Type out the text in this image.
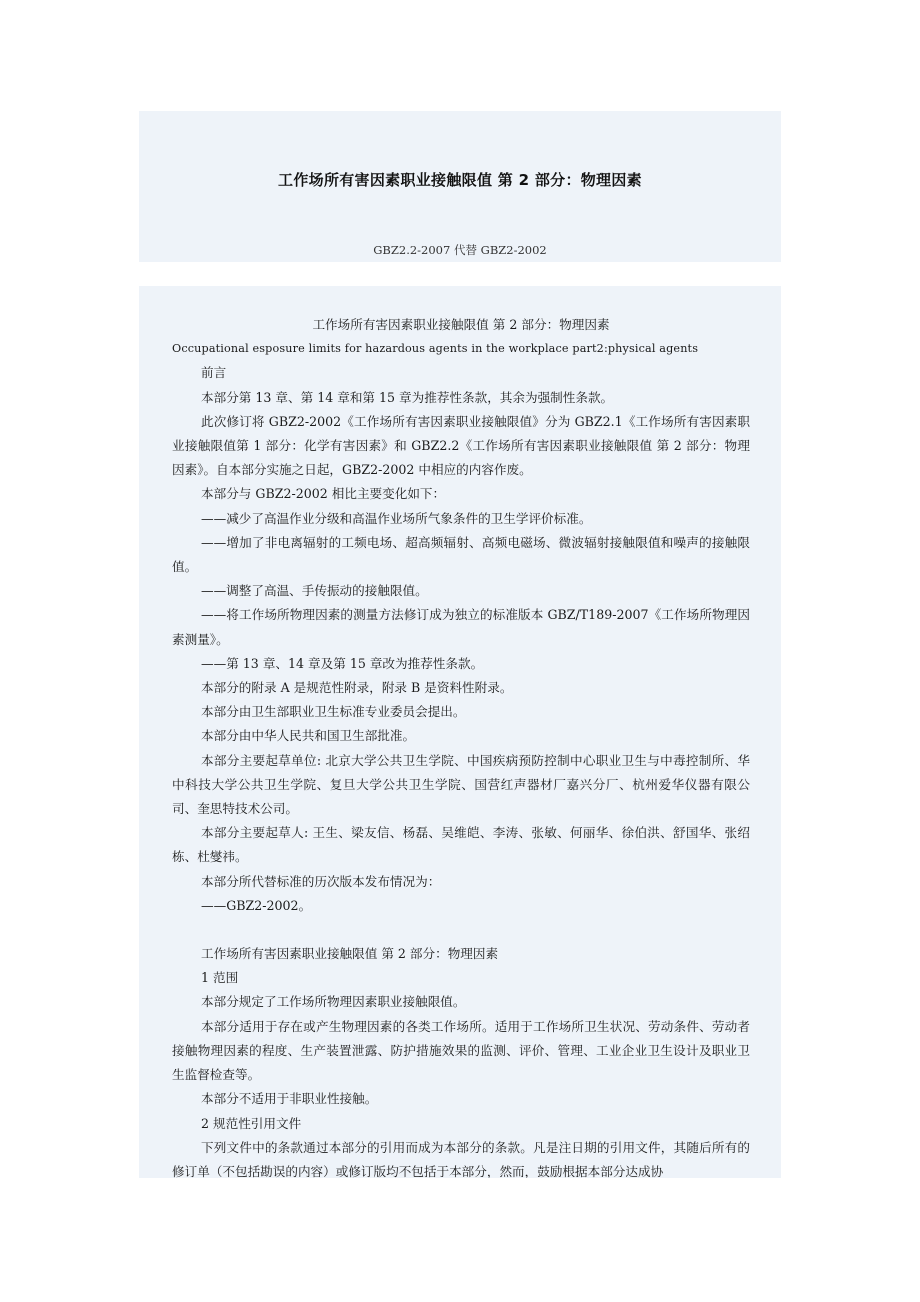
工作场所有害因素职业接触限值 第 2 部分：物理因素
GBZ2.2-2007 代替 GBZ2-2002

工作场所有害因素职业接触限值 第 2 部分：物理因素

Occupational esposure limits for hazardous agents in the workplace part2:physical agents

前言

本部分第 13 章、第 14 章和第 15 章为推荐性条款，其余为强制性条款。

此次修订将 GBZ2-2002《工作场所有害因素职业接触限值》分为 GBZ2.1《工作场所有害因素职业接触限值第 1 部分：化学有害因素》和 GBZ2.2《工作场所有害因素职业接触限值 第 2 部分：物理因素》。自本部分实施之日起，GBZ2-2002 中相应的内容作废。

本部分与 GBZ2-2002 相比主要变化如下：

——减少了高温作业分级和高温作业场所气象条件的卫生学评价标准。

——增加了非电离辐射的工频电场、超高频辐射、高频电磁场、微波辐射接触限值和噪声的接触限值。

——调整了高温、手传振动的接触限值。

——将工作场所物理因素的测量方法修订成为独立的标准版本 GBZ/T189-2007《工作场所物理因素测量》。

——第 13 章、14 章及第 15 章改为推荐性条款。

本部分的附录 A 是规范性附录，附录 B 是资料性附录。

本部分由卫生部职业卫生标准专业委员会提出。

本部分由中华人民共和国卫生部批准。

本部分主要起草单位: 北京大学公共卫生学院、中国疾病预防控制中心职业卫生与中毒控制所、华中科技大学公共卫生学院、复旦大学公共卫生学院、国营红声器材厂嘉兴分厂、杭州爱华仪器有限公司、奎思特技术公司。

本部分主要起草人: 王生、梁友信、杨磊、吴维皑、李涛、张敏、何丽华、徐伯洪、舒国华、张绍栋、杜燮祎。

本部分所代替标准的历次版本发布情况为：

——GBZ2-2002。

工作场所有害因素职业接触限值 第 2 部分：物理因素

1 范围

本部分规定了工作场所物理因素职业接触限值。

本部分适用于存在或产生物理因素的各类工作场所。适用于工作场所卫生状况、劳动条件、劳动者接触物理因素的程度、生产装置泄露、防护措施效果的监测、评价、管理、工业企业卫生设计及职业卫生监督检查等。

本部分不适用于非职业性接触。

2 规范性引用文件

下列文件中的条款通过本部分的引用而成为本部分的条款。凡是注日期的引用文件，其随后所有的修订单（不包括勘误的内容）或修订版均不包括于本部分，然而，鼓励根据本部分达成协
